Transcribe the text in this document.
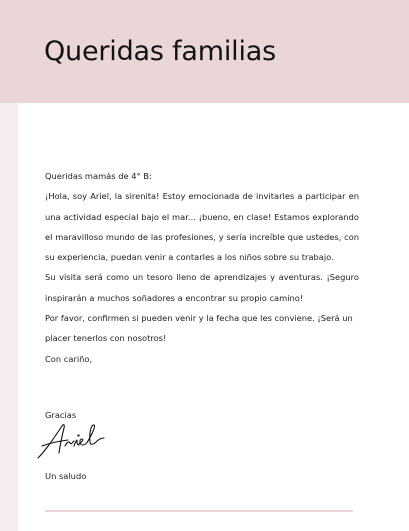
Queridas familias

Queridas mamás de 4° B:

¡Hola, soy Ariel, la sirenita! Estoy emocionada de invitarles a participar en una actividad especial bajo el mar... ¡bueno, en clase! Estamos explorando el maravilloso mundo de las profesiones, y sería increíble que ustedes, con su experiencia, puedan venir a contarles a los niños sobre su trabajo.

Su visita será como un tesoro lleno de aprendizajes y aventuras. ¡Seguro inspirarán a muchos soñadores a encontrar su propio camino!

Por favor, confirmen si pueden venir y la fecha que les conviene. ¡Será un placer tenerlos con nosotros!

Con cariño,

Gracias
Un saludo
